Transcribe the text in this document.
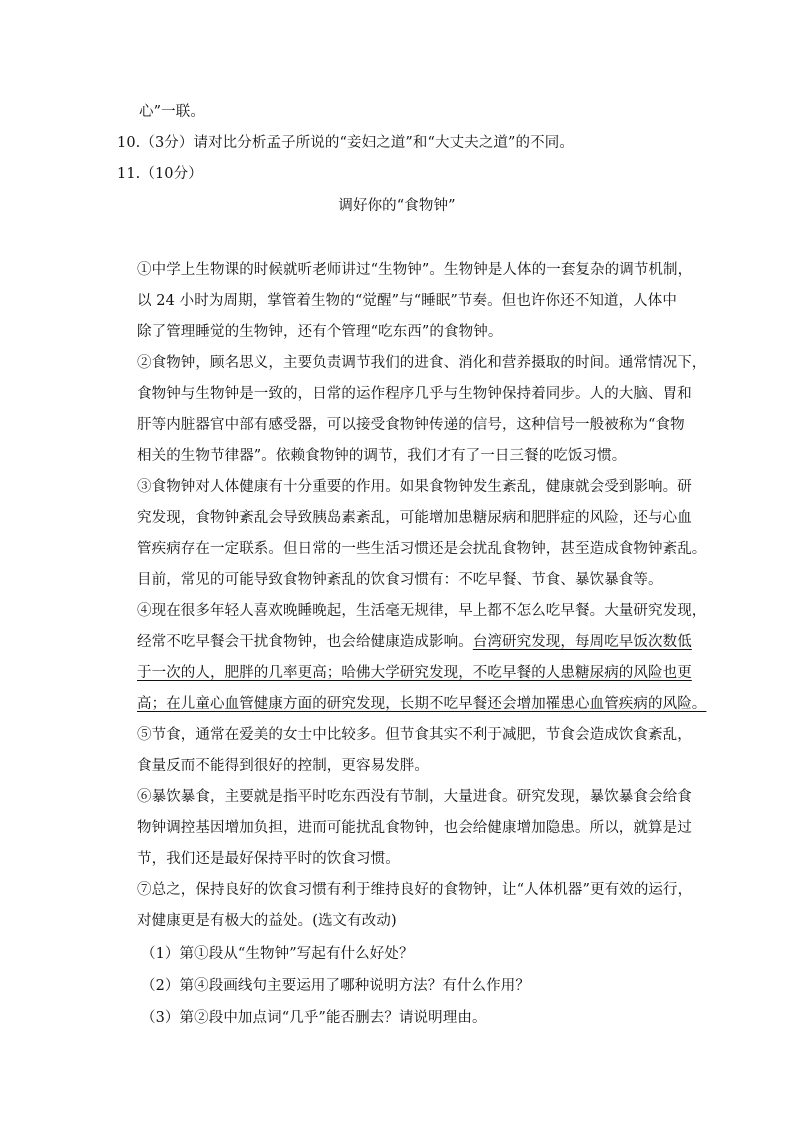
心”一联。
10.（3分）请对比分析孟子所说的“妾妇之道”和“大丈夫之道”的不同。
11.（10分）
调好你的“食物钟”
①中学上生物课的时候就听老师讲过“生物钟”。生物钟是人体的一套复杂的调节机制，
以 24 小时为周期，掌管着生物的“觉醒”与“睡眠”节奏。但也许你还不知道，人体中
除了管理睡觉的生物钟，还有个管理“吃东西”的食物钟。
②食物钟，顾名思义，主要负责调节我们的进食、消化和营养摄取的时间。通常情况下，
食物钟与生物钟是一致的，日常的运作程序几乎与生物钟保持着同步。人的大脑、胃和
肝等内脏器官中部有感受器，可以接受食物钟传递的信号，这种信号一般被称为“食物
相关的生物节律器”。依赖食物钟的调节，我们才有了一日三餐的吃饭习惯。
③食物钟对人体健康有十分重要的作用。如果食物钟发生紊乱，健康就会受到影响。研
究发现，食物钟紊乱会导致胰岛素紊乱，可能增加患糖尿病和肥胖症的风险，还与心血
管疾病存在一定联系。但日常的一些生活习惯还是会扰乱食物钟，甚至造成食物钟紊乱。
目前，常见的可能导致食物钟紊乱的饮食习惯有：不吃早餐、节食、暴饮暴食等。
④现在很多年轻人喜欢晚睡晚起，生活毫无规律，早上都不怎么吃早餐。大量研究发现，
经常不吃早餐会干扰食物钟，也会给健康造成影响。台湾研究发现，每周吃早饭次数低
于一次的人，肥胖的几率更高；哈佛大学研究发现，不吃早餐的人患糖尿病的风险也更
高；在儿童心血管健康方面的研究发现，长期不吃早餐还会增加罹患心血管疾病的风险。
⑤节食，通常在爱美的女士中比较多。但节食其实不利于减肥，节食会造成饮食紊乱，
食量反而不能得到很好的控制，更容易发胖。
⑥暴饮暴食，主要就是指平时吃东西没有节制，大量进食。研究发现，暴饮暴食会给食
物钟调控基因增加负担，进而可能扰乱食物钟，也会给健康增加隐患。所以，就算是过
节，我们还是最好保持平时的饮食习惯。
⑦总之，保持良好的饮食习惯有利于维持良好的食物钟，让“人体机器”更有效的运行，
对健康更是有极大的益处。(选文有改动)
（1）第①段从“生物钟”写起有什么好处？
（2）第④段画线句主要运用了哪种说明方法？有什么作用？
（3）第②段中加点词“几乎”能否删去？请说明理由。
